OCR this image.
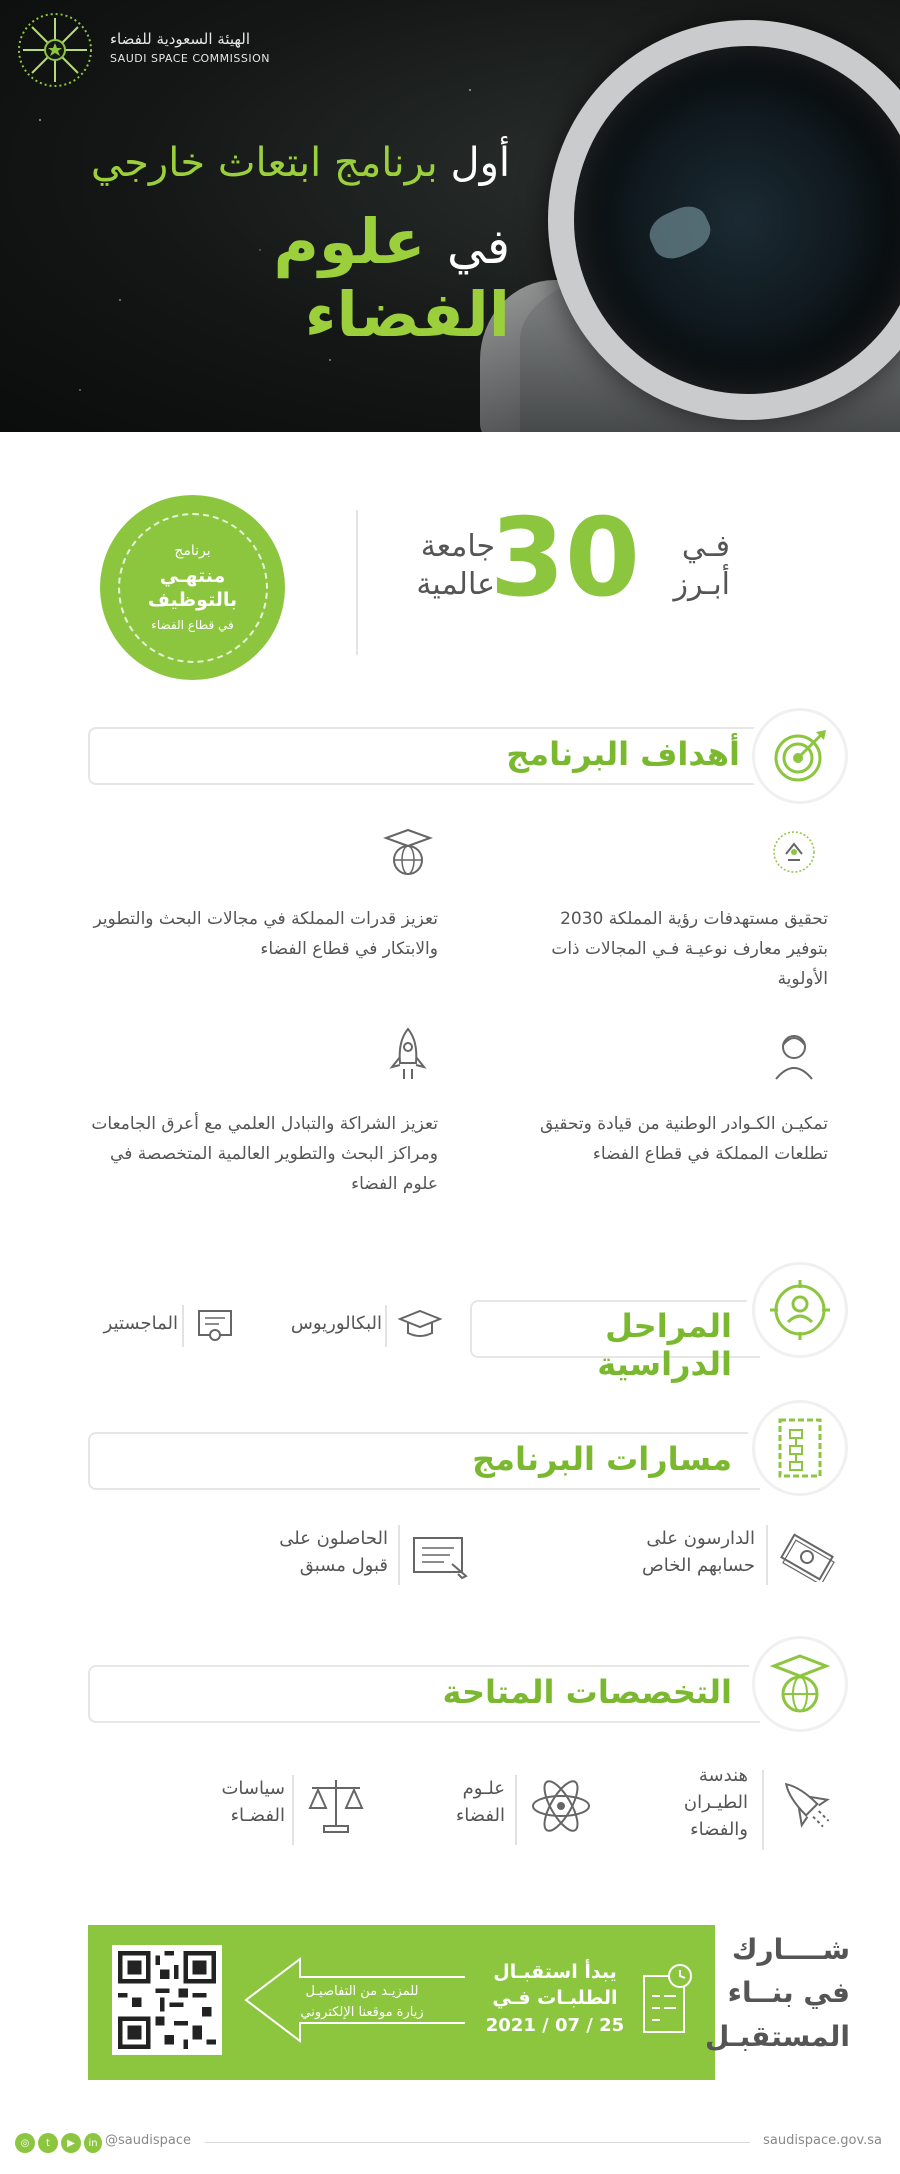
الهيئة السعودية للفضاء
SAUDI SPACE COMMISSION
أول برنامج ابتعاث خارجي
في علوم الفضاء
برنامج
منتهـي
بالتوظيف
في قطاع الفضاء
فـي
أبـرز
30
جامعة
عالمية
أهداف البرنامج
تحقيق مستهدفات رؤية المملكة 2030 بتوفير معارف نوعيـة فـي المجالات ذات الأولوية
تعزيز قدرات المملكة في مجالات البحث والتطوير والابتكار في قطاع الفضاء
تمكيـن الكـوادر الوطنية من قيادة وتحقيق تطلعات المملكة في قطاع الفضاء
تعزيز الشراكة والتبادل العلمي مع أعرق الجامعات ومراكز البحث والتطوير العالمية المتخصصة في علوم الفضاء
المراحل الدراسية
البكالوريوس
الماجستير
مسارات البرنامج
الدارسون على
حسابهم الخاص
الحاصلون على
قبول مسبق
التخصصات المتاحة
هندسة
الطيـران
والفضاء
علـوم
الفضاء
سياسات
الفضـاء
للمزيـد من التفاصيـل
زيارة موقعنا الإلكتروني
يبدأ استقبـال
الطلبـات فـي
2021 / 07 / 25
شــــارك
في بنــاء
المستقبـل
◎	t	▶	in @saudispace	saudispace.gov.sa
